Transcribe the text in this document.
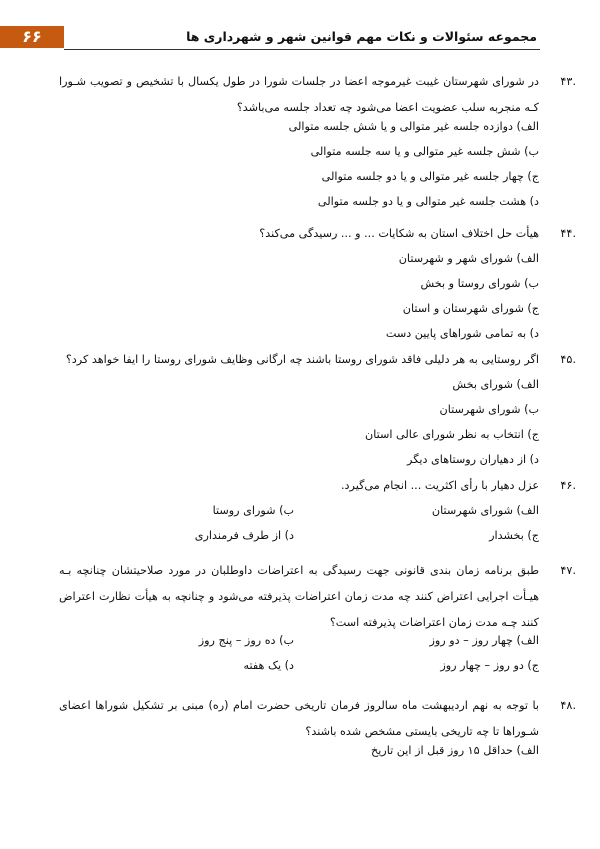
۶۶	مجموعه سئوالات و نکات مهم قوانین شهر و شهرداری ها
۴۳.
در شورای شهرستان غیبت غیرموجه اعضا در جلسات شورا در طول یکسال با تشخیص و تصویب شـورا کـه منجربه سلب عضویت اعضا می‌شود چه تعداد جلسه می‌باشد؟
الف) دوازده جلسه غیر متوالی و یا شش جلسه متوالی
ب) شش جلسه غیر متوالی و یا سه جلسه متوالی
ج) چهار جلسه غیر متوالی و یا دو جلسه متوالی
د) هشت جلسه غیر متوالی و یا دو جلسه متوالی
۴۴.
هیأت حل اختلاف استان به شکایات ... و ... رسیدگی می‌کند؟
الف) شورای شهر و شهرستان
ب) شورای روستا و بخش
ج) شورای شهرستان و استان
د) به تمامی شوراهای پایین دست
۴۵.
اگر روستایی به هر دلیلی فاقد شورای روستا باشند چه ارگانی وظایف شورای روستا را ایفا خواهد کرد؟
الف) شورای بخش
ب) شورای شهرستان
ج) انتخاب به نظر شورای عالی استان
د) از دهیاران روستاهای دیگر
۴۶.
عزل دهیار با رأی اکثریت ... انجام می‌گیرد.
الف) شورای شهرستان
ب) شورای روستا
ج) بخشدار
د) از طرف فرمنداری
۴۷.
طبق برنامه زمان بندی قانونی جهت رسیدگی به اعتراضات داوطلبان در مورد صلاحیتشان چنانچه بـه هیـأت اجرایی اعتراض کنند چه مدت زمان اعتراضات پذیرفته می‌شود و چنانچه به هیأت نظارت اعتراض کنند چـه مدت زمان اعتراضات پذیرفته است؟
الف) چهار روز – دو روز
ب) ده روز – پنج روز
ج) دو روز – چهار روز
د) یک هفته
۴۸.
با توجه به نهم اردیبهشت ماه سالروز فرمان تاریخی حضرت امام (ره) مبنی بر تشکیل شوراها اعضای شـوراها تا چه تاریخی بایستی مشخص شده باشند؟
الف) حداقل ۱۵ روز قبل از این تاریخ
